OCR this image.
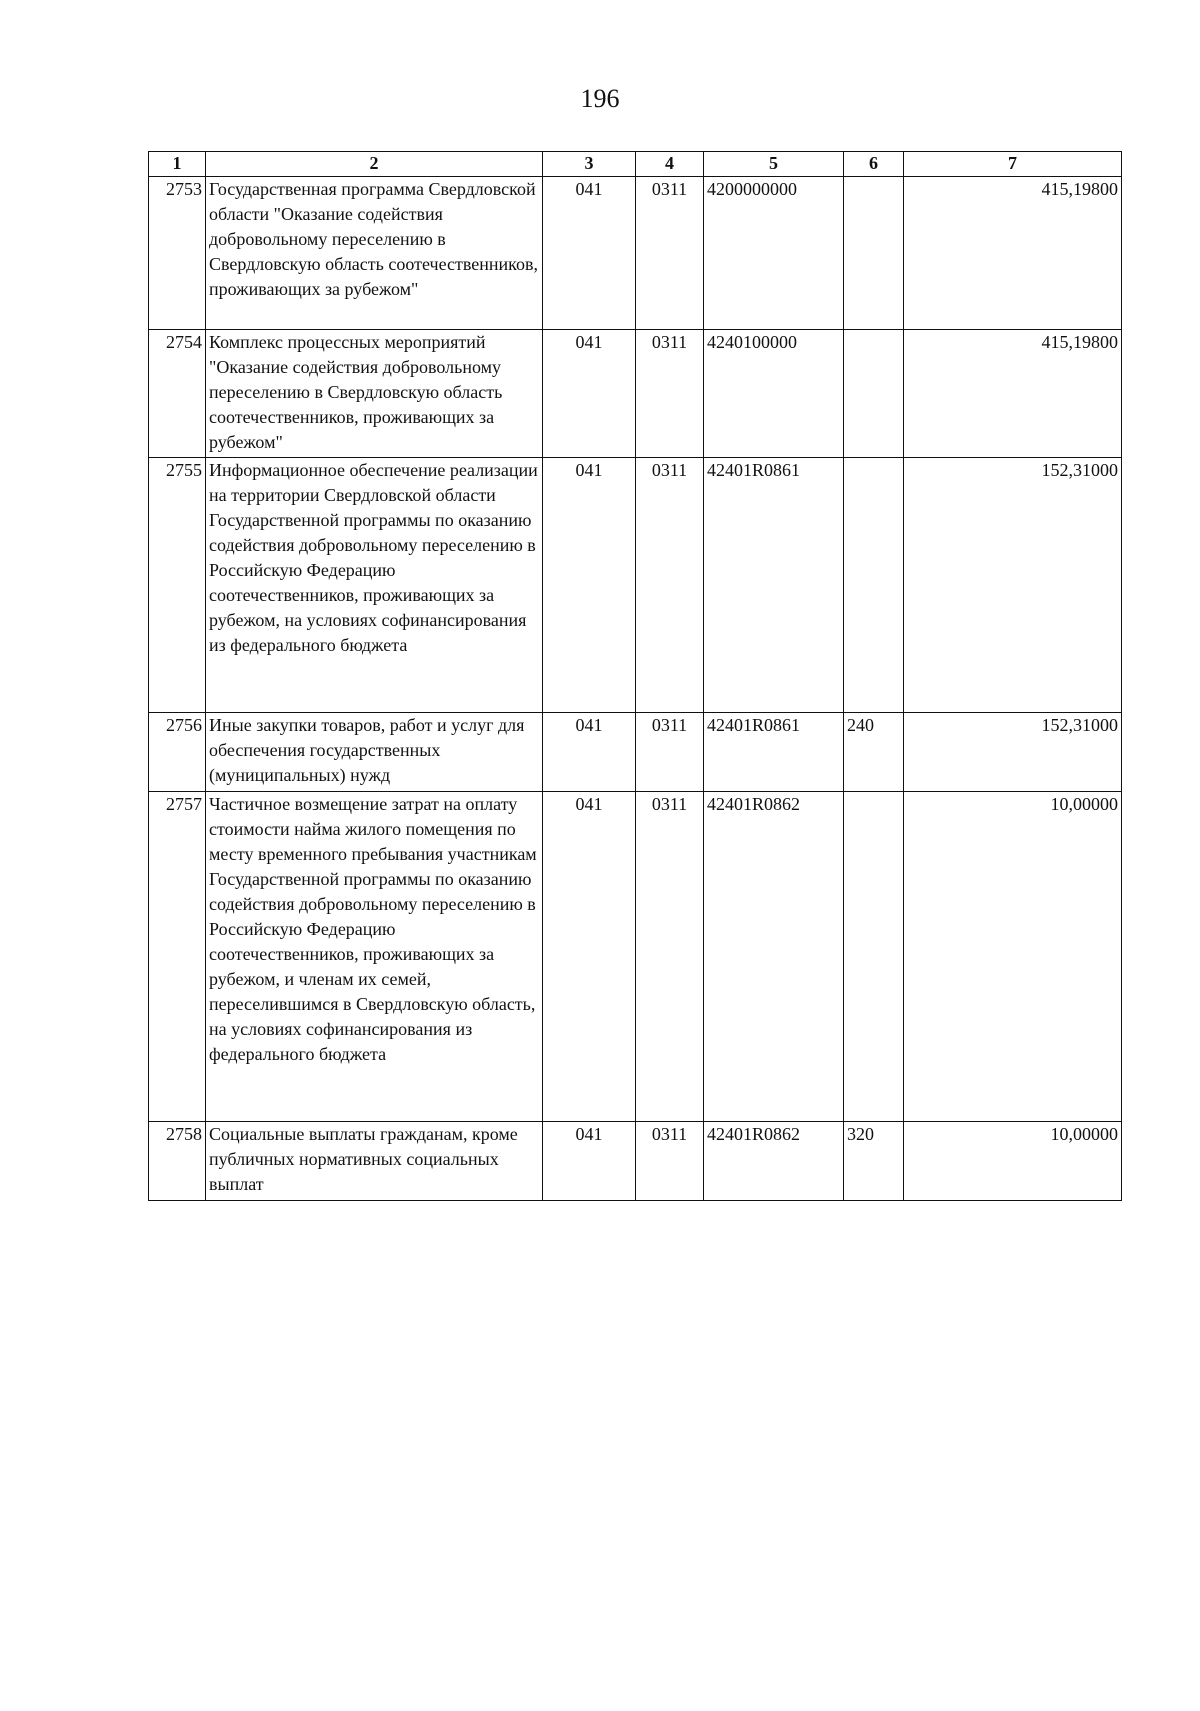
196
1	2	3	4	5	6	7
2753	Государственная программа Свердловской области "Оказание содействия добровольному переселению в Свердловскую область соотечественников, проживающих за рубежом"	041	0311	4200000000		415,19800
2754	Комплекс процессных мероприятий "Оказание содействия добровольному переселению в Свердловскую область соотечественников, проживающих за рубежом"	041	0311	4240100000		415,19800
2755	Информационное обеспечение реализации на территории Свердловской области Государственной программы по оказанию содействия добровольному переселению в Российскую Федерацию соотечественников, проживающих за рубежом, на условиях софинансирования из федерального бюджета	041	0311	42401R0861		152,31000
2756	Иные закупки товаров, работ и услуг для обеспечения государственных (муниципальных) нужд	041	0311	42401R0861	240	152,31000
2757	Частичное возмещение затрат на оплату стоимости найма жилого помещения по месту временного пребывания участникам Государственной программы по оказанию содействия добровольному переселению в Российскую Федерацию соотечественников, проживающих за рубежом, и членам их семей, переселившимся в Свердловскую область, на условиях софинансирования из федерального бюджета	041	0311	42401R0862		10,00000
2758	Социальные выплаты гражданам, кроме публичных нормативных социальных выплат	041	0311	42401R0862	320	10,00000
